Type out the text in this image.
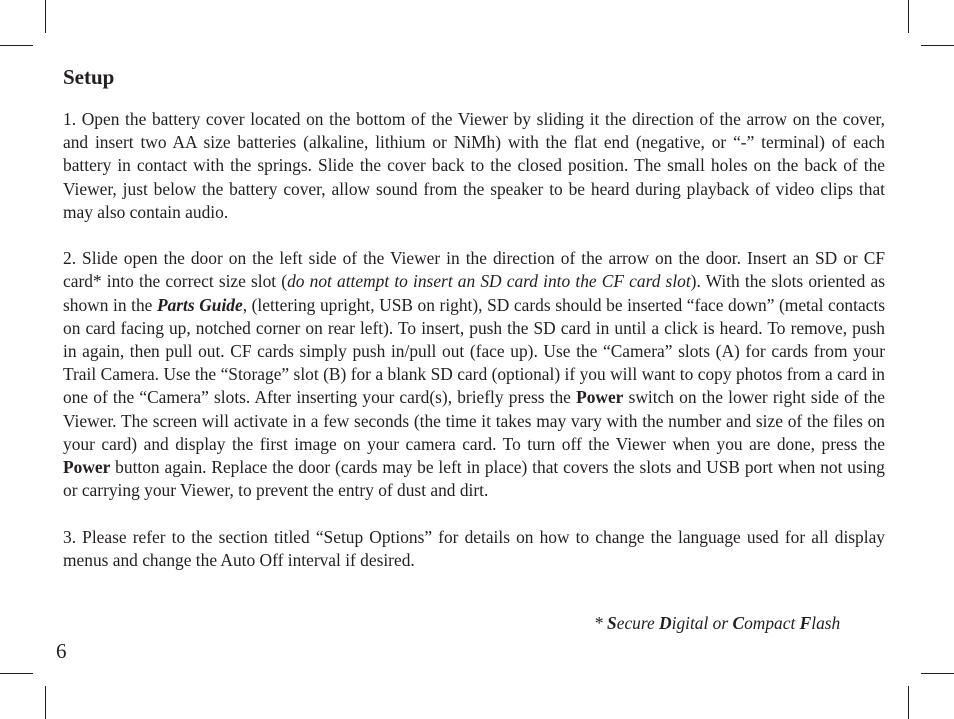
Setup

1. Open the battery cover located on the bottom of the Viewer by sliding it the direction of the arrow on the cover, and insert two AA size batteries (alkaline, lithium or NiMh) with the flat end (negative, or “-” terminal) of each battery in contact with the springs. Slide the cover back to the closed position. The small holes on the back of the Viewer, just below the battery cover, allow sound from the speaker to be heard during playback of video clips that may also contain audio.

2. Slide open the door on the left side of the Viewer in the direction of the arrow on the door. Insert an SD or CF card* into the correct size slot (do not attempt to insert an SD card into the CF card slot). With the slots oriented as shown in the Parts Guide, (lettering upright, USB on right), SD cards should be inserted “face down” (metal contacts on card facing up, notched corner on rear left). To insert, push the SD card in until a click is heard. To remove, push in again, then pull out. CF cards simply push in/pull out (face up). Use the “Camera” slots (A) for cards from your Trail Camera. Use the “Storage” slot (B) for a blank SD card (optional) if you will want to copy photos from a card in one of the “Camera” slots. After inserting your card(s), briefly press the Power switch on the lower right side of the Viewer. The screen will activate in a few seconds (the time it takes may vary with the number and size of the files on your card) and display the first image on your camera card. To turn off the Viewer when you are done, press the Power button again. Replace the door (cards may be left in place) that covers the slots and USB port when not using or carrying your Viewer, to prevent the entry of dust and dirt.

3. Please refer to the section titled “Setup Options” for details on how to change the language used for all display menus and change the Auto Off interval if desired.

* Secure Digital or Compact Flash
6
